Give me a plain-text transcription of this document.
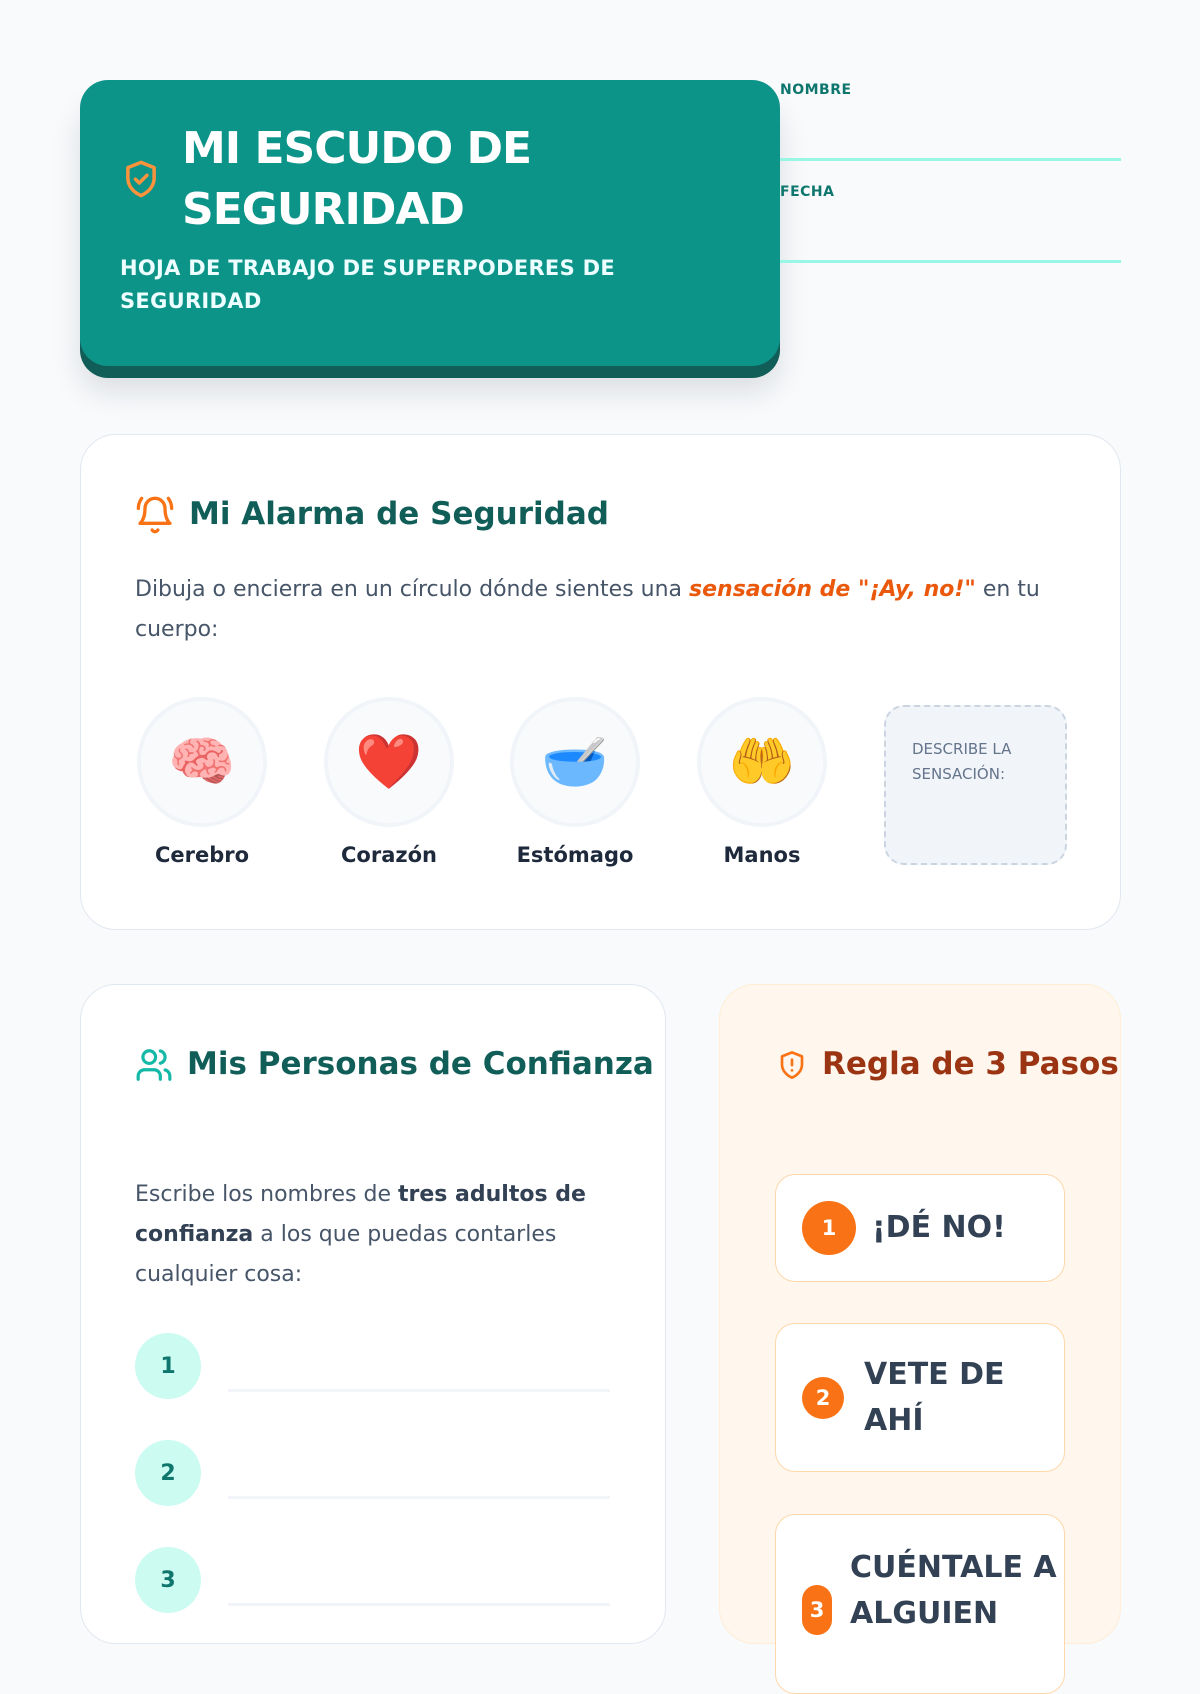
MI ESCUDO DE SEGURIDAD
HOJA DE TRABAJO DE SUPERPODERES DE SEGURIDAD
NOMBRE
FECHA
Mi Alarma de Seguridad
Dibuja o encierra en un círculo dónde sientes una sensación de "¡Ay, no!" en tu cuerpo:
🧠
Cerebro
❤️
Corazón
🥣
Estómago
🤲
Manos
DESCRIBE LA SENSACIÓN:
Mis Personas de Confianza
Escribe los nombres de tres adultos de confianza a los que puedas contarles cualquier cosa:
1
2
3
Regla de 3 Pasos
1	¡DÉ NO!
2
VETE DE AHÍ
3
CUÉNTALE A ALGUIEN
